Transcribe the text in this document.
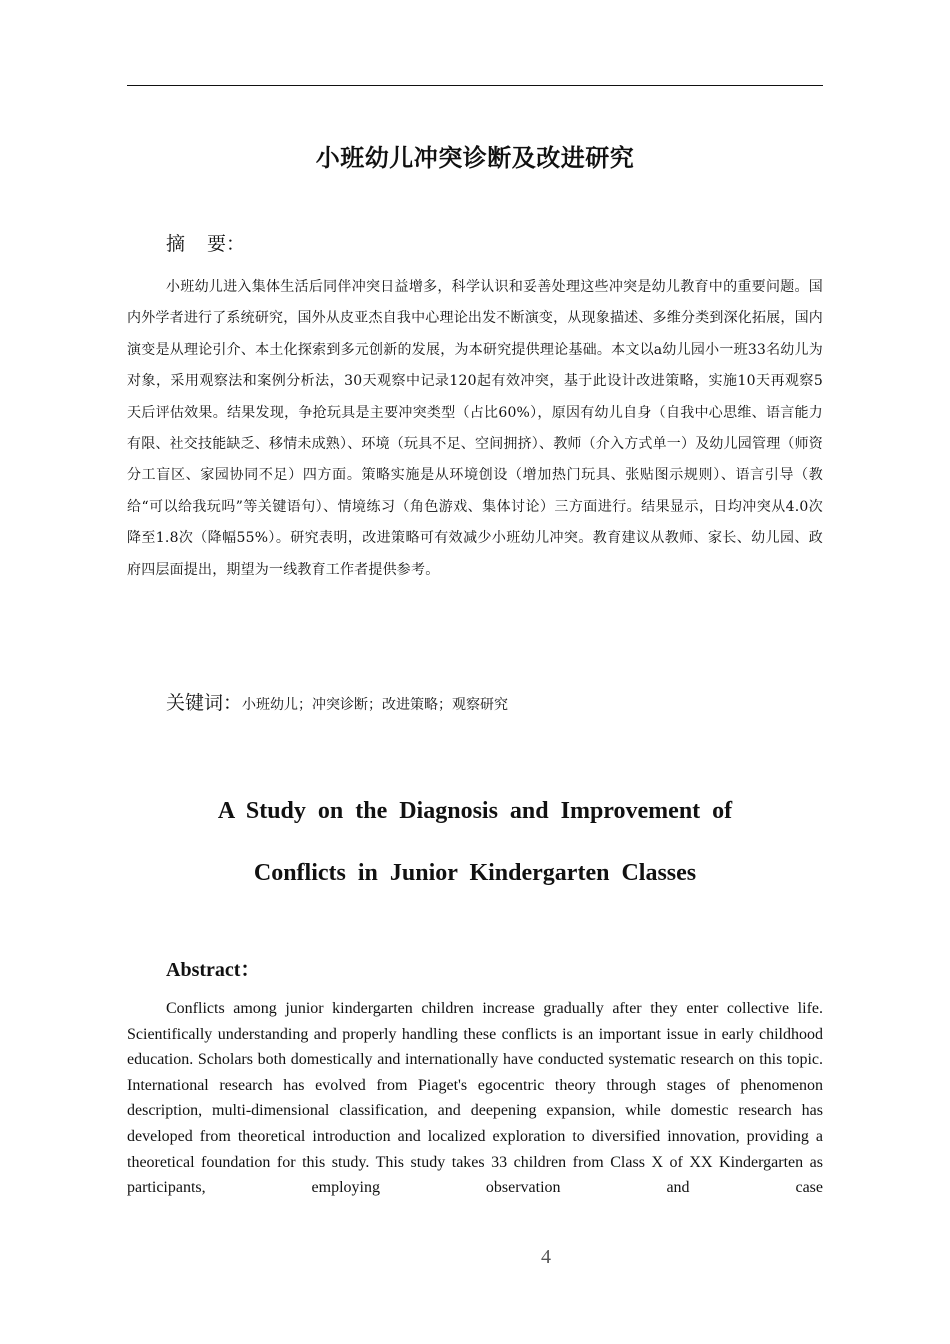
小班幼儿冲突诊断及改进研究
摘 要：

小班幼儿进入集体生活后同伴冲突日益增多，科学认识和妥善处理这些冲突是幼儿教育中的重要问题。国内外学者进行了系统研究，国外从皮亚杰自我中心理论出发不断演变，从现象描述、多维分类到深化拓展，国内演变是从理论引介、本土化探索到多元创新的发展，为本研究提供理论基础。本文以a幼儿园小一班33名幼儿为对象，采用观察法和案例分析法，30天观察中记录120起有效冲突，基于此设计改进策略，实施10天再观察5天后评估效果。结果发现，争抢玩具是主要冲突类型（占比60%），原因有幼儿自身（自我中心思维、语言能力有限、社交技能缺乏、移情未成熟）、环境（玩具不足、空间拥挤）、教师（介入方式单一）及幼儿园管理（师资分工盲区、家园协同不足）四方面。策略实施是从环境创设（增加热门玩具、张贴图示规则）、语言引导（教给“可以给我玩吗”等关键语句）、情境练习（角色游戏、集体讨论）三方面进行。结果显示，日均冲突从4.0次降至1.8次（降幅55%）。研究表明，改进策略可有效减少小班幼儿冲突。教育建议从教师、家长、幼儿园、政府四层面提出，期望为一线教育工作者提供参考。

关键词：小班幼儿；冲突诊断；改进策略；观察研究
A Study on the Diagnosis and Improvement of
Conflicts in Junior Kindergarten Classes
Abstract：

Conflicts among junior kindergarten children increase gradually after they enter collective life. Scientifically understanding and properly handling these conflicts is an important issue in early childhood education. Scholars both domestically and internationally have conducted systematic research on this topic. International research has evolved from Piaget's egocentric theory through stages of phenomenon description, multi-dimensional classification, and deepening expansion, while domestic research has developed from theoretical introduction and localized exploration to diversified innovation, providing a theoretical foundation for this study. This study takes 33 children from Class X of XX Kindergarten as participants, employing observation and case

4
